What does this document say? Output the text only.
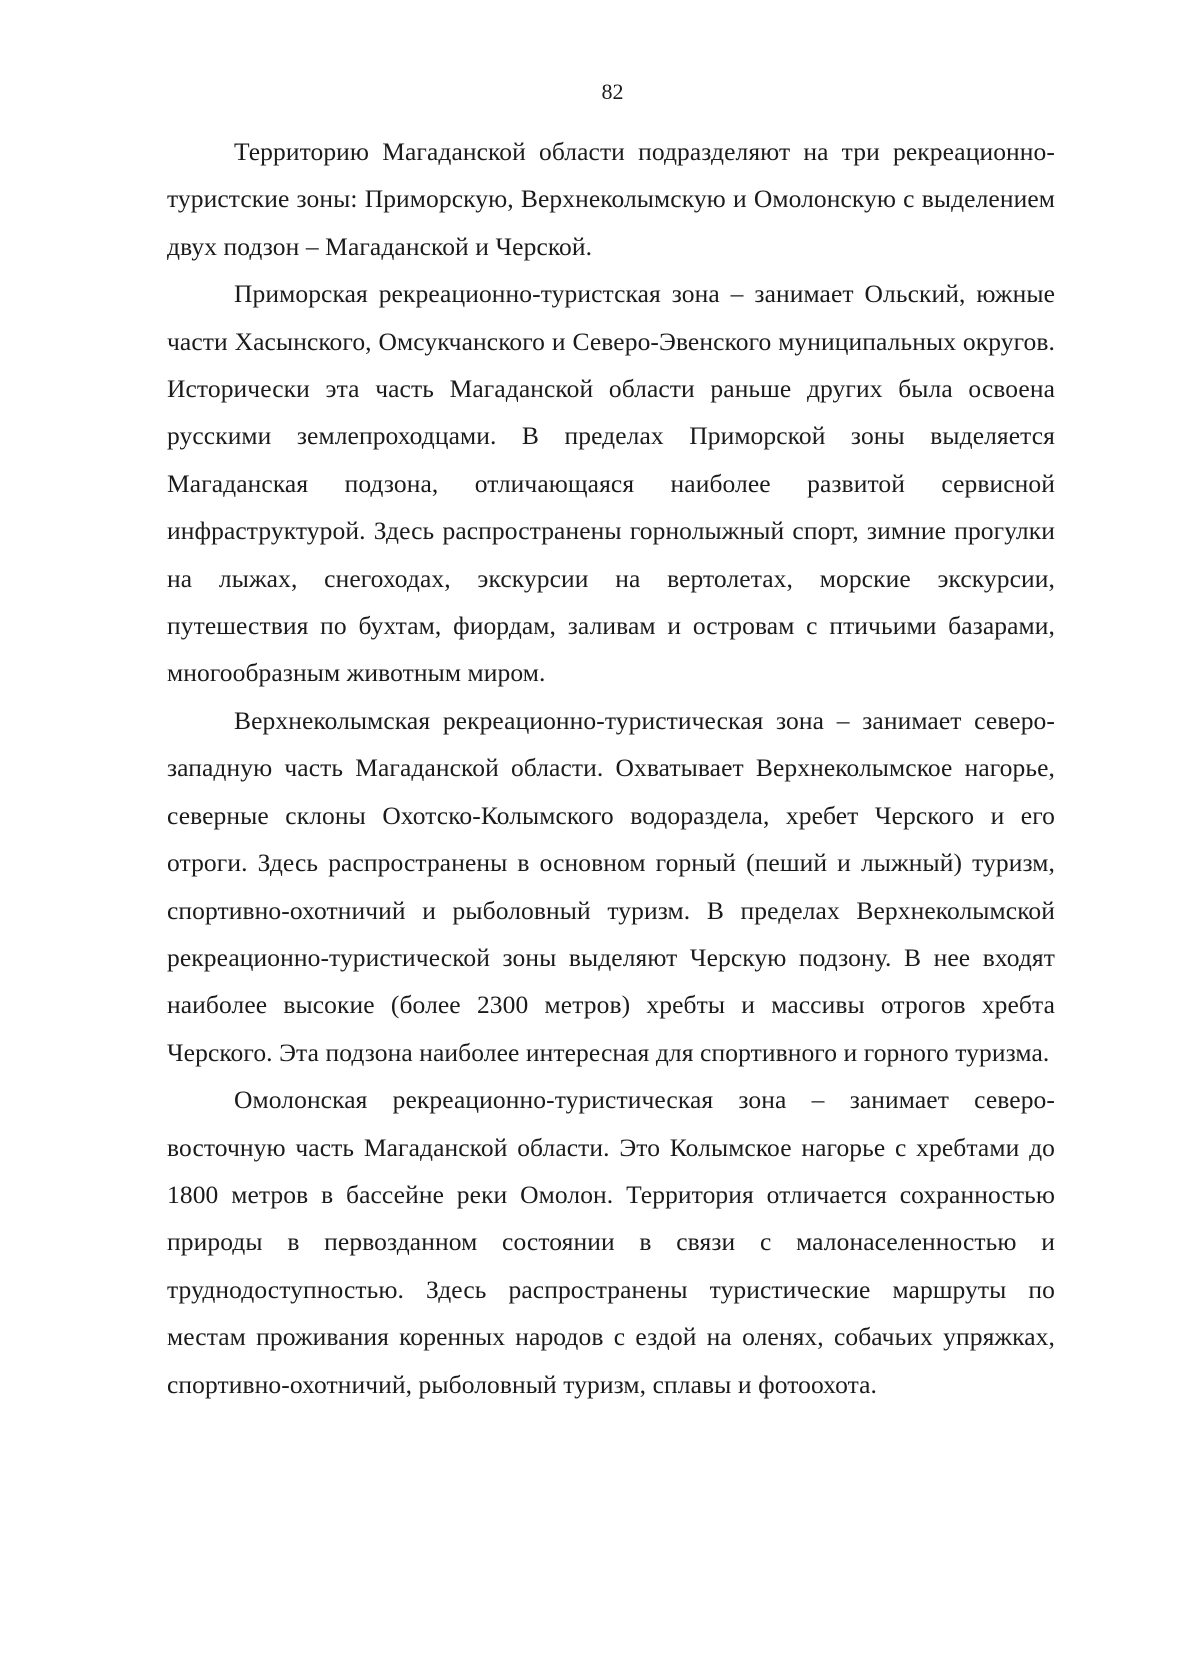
82

Территорию Магаданской области подразделяют на три рекреационно-туристские зоны: Приморскую, Верхнеколымскую и Омолонскую с выделением двух подзон – Магаданской и Черской.

Приморская рекреационно-туристская зона – занимает Ольский, южные части Хасынского, Омсукчанского и Северо-Эвенского муниципальных округов. Исторически эта часть Магаданской области раньше других была освоена русскими землепроходцами. В пределах Приморской зоны выделяется Магаданская подзона, отличающаяся наиболее развитой сервисной инфраструктурой. Здесь распространены горнолыжный спорт, зимние прогулки на лыжах, снегоходах, экскурсии на вертолетах, морские экскурсии, путешествия по бухтам, фиордам, заливам и островам с птичьими базарами, многообразным животным миром.

Верхнеколымская рекреационно-туристическая зона – занимает северо-западную часть Магаданской области. Охватывает Верхнеколымское нагорье, северные склоны Охотско-Колымского водораздела, хребет Черского и его отроги. Здесь распространены в основном горный (пеший и лыжный) туризм, спортивно-охотничий и рыболовный туризм. В пределах Верхнеколымской рекреационно-туристической зоны выделяют Черскую подзону. В нее входят наиболее высокие (более 2300 метров) хребты и массивы отрогов хребта Черского. Эта подзона наиболее интересная для спортивного и горного туризма.

Омолонская рекреационно-туристическая зона – занимает северо-восточную часть Магаданской области. Это Колымское нагорье с хребтами до 1800 метров в бассейне реки Омолон. Территория отличается сохранностью природы в первозданном состоянии в связи с малонаселенностью и труднодоступностью. Здесь распространены туристические маршруты по местам проживания коренных народов с ездой на оленях, собачьих упряжках, спортивно-охотничий, рыболовный туризм, сплавы и фотоохота.
